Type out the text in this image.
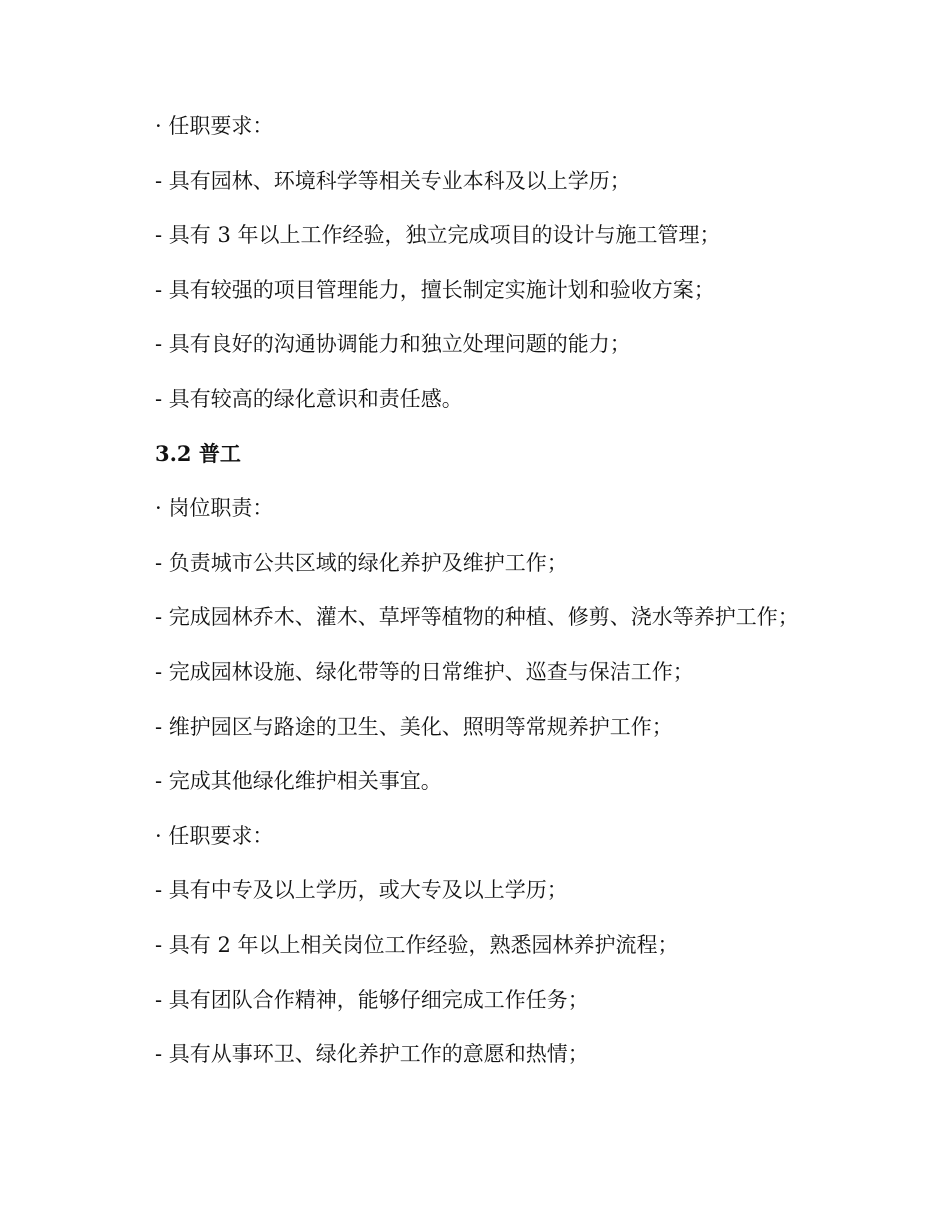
· 任职要求：
- 具有园林、环境科学等相关专业本科及以上学历；
- 具有 3 年以上工作经验，独立完成项目的设计与施工管理；
- 具有较强的项目管理能力，擅长制定实施计划和验收方案；
- 具有良好的沟通协调能力和独立处理问题的能力；
- 具有较高的绿化意识和责任感。
3.2 普工
· 岗位职责：
- 负责城市公共区域的绿化养护及维护工作；
- 完成园林乔木、灌木、草坪等植物的种植、修剪、浇水等养护工作；
- 完成园林设施、绿化带等的日常维护、巡查与保洁工作；
- 维护园区与路途的卫生、美化、照明等常规养护工作；
- 完成其他绿化维护相关事宜。
· 任职要求：
- 具有中专及以上学历，或大专及以上学历；
- 具有 2 年以上相关岗位工作经验，熟悉园林养护流程；
- 具有团队合作精神，能够仔细完成工作任务；
- 具有从事环卫、绿化养护工作的意愿和热情；
